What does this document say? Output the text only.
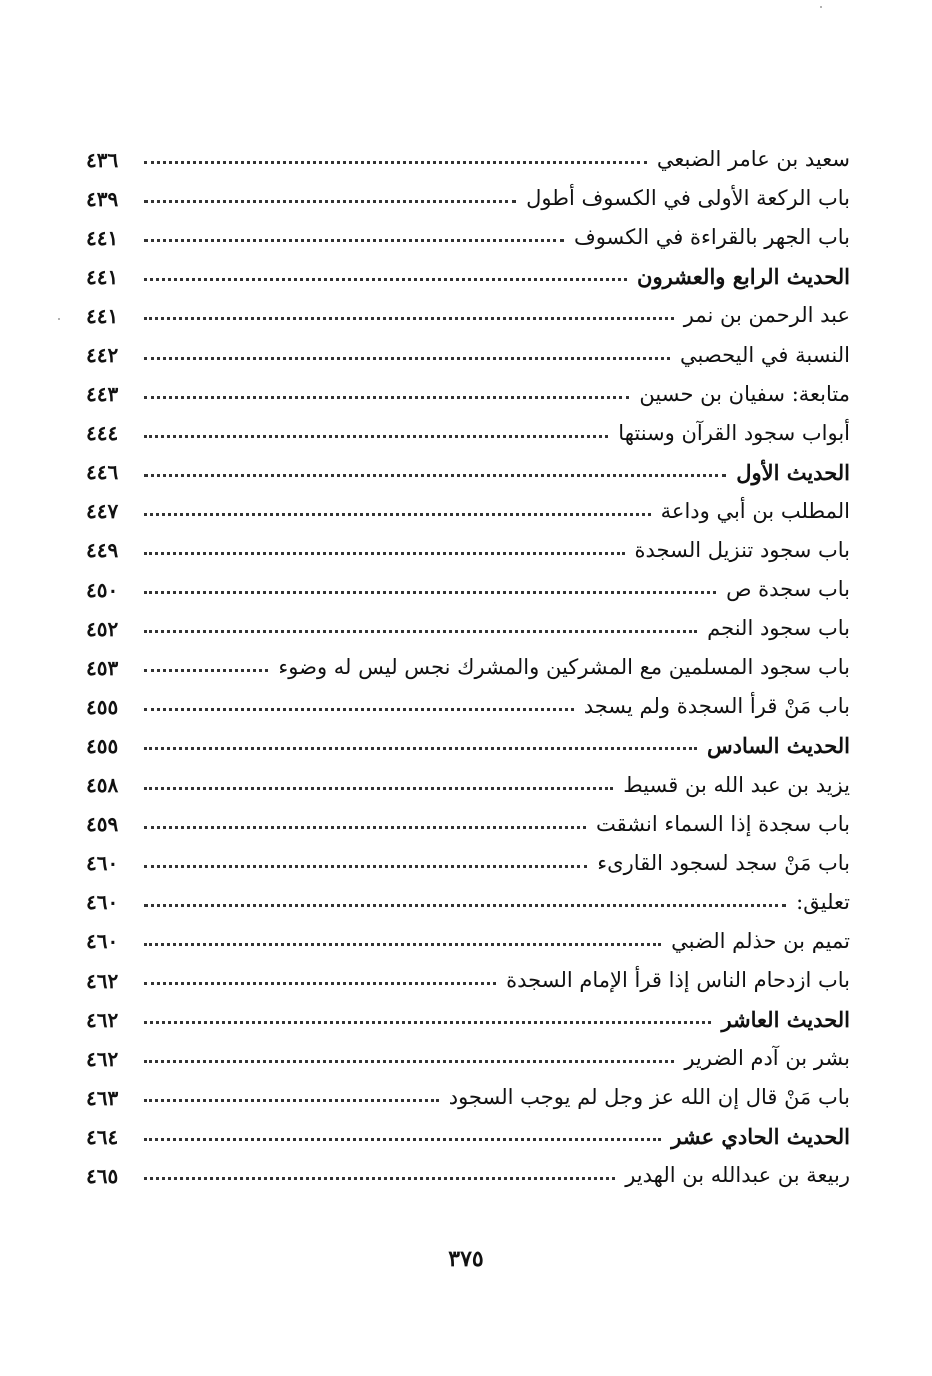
سعيد بن عامر الضبعي
٤٣٦
باب الركعة الأولى في الكسوف أطول
٤٣٩
باب الجهر بالقراءة في الكسوف
٤٤١
الحديث الرابع والعشرون
٤٤١
عبد الرحمن بن نمر
٤٤١
النسبة في اليحصبي
٤٤٢
متابعة: سفيان بن حسين
٤٤٣
أبواب سجود القرآن وسنتها
٤٤٤
الحديث الأول
٤٤٦
المطلب بن أبي وداعة
٤٤٧
باب سجود تنزيل السجدة
٤٤٩
باب سجدة ص
٤٥٠
باب سجود النجم
٤٥٢
باب سجود المسلمين مع المشركين والمشرك نجس ليس له وضوء
٤٥٣
باب مَنْ قرأ السجدة ولم يسجد
٤٥٥
الحديث السادس
٤٥٥
يزيد بن عبد الله بن قسيط
٤٥٨
باب سجدة إذا السماء انشقت
٤٥٩
باب مَنْ سجد لسجود القارىء
٤٦٠
تعليق:
٤٦٠
تميم بن حذلم الضبي
٤٦٠
باب ازدحام الناس إذا قرأ الإمام السجدة
٤٦٢
الحديث العاشر
٤٦٢
بشر بن آدم الضرير
٤٦٢
باب مَنْ قال إن الله عز وجل لم يوجب السجود
٤٦٣
الحديث الحادي عشر
٤٦٤
ربيعة بن عبدالله بن الهدير
٤٦٥
٣٧٥
